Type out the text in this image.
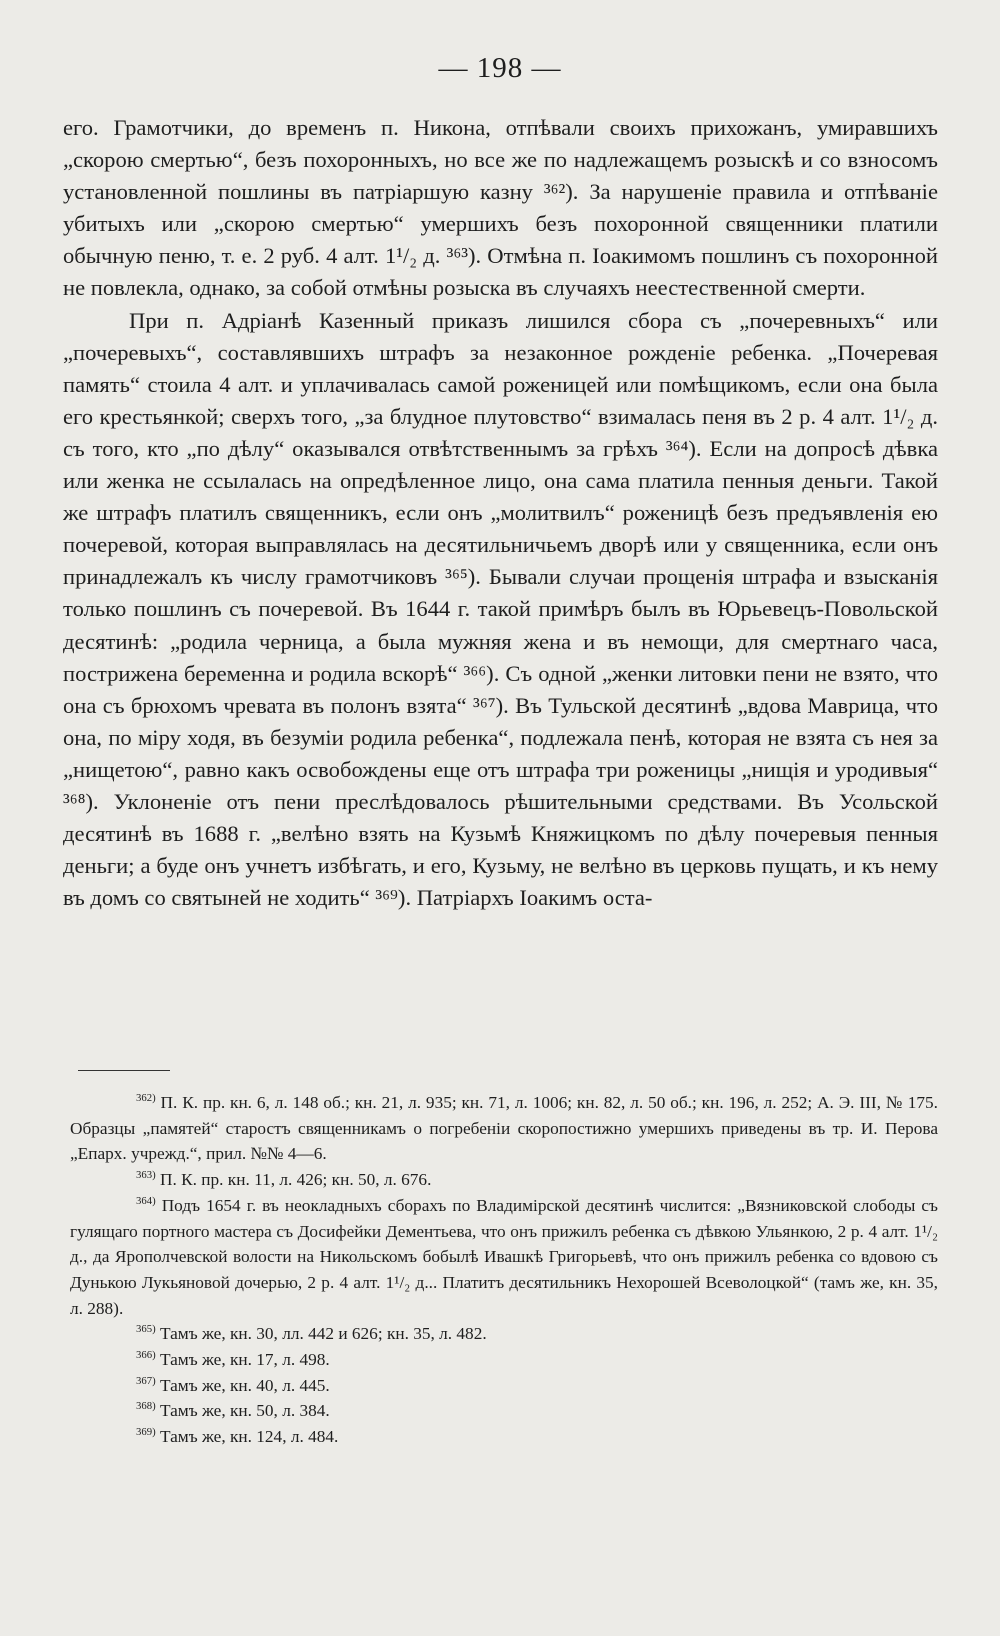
— 198 —

его. Грамотчики, до временъ п. Никона, отпѣвали своихъ прихожанъ, умиравшихъ „скорою смертью“, безъ похоронныхъ, но все же по надлежащемъ розыскѣ и со взносомъ установленной пошлины въ патріаршую казну ³⁶²). За нарушеніе правила и отпѣваніе убитыхъ или „скорою смертью“ умершихъ безъ похоронной священники платили обычную пеню, т. е. 2 руб. 4 алт. 1¹/₂ д. ³⁶³). Отмѣна п. Іоакимомъ пошлинъ съ похоронной не повлекла, однако, за собой отмѣны розыска въ случаяхъ неестественной смерти.

При п. Адріанѣ Казенный приказъ лишился сбора съ „почеревныхъ“ или „почеревыхъ“, составлявшихъ штрафъ за незаконное рожденіе ребенка. „Почеревая память“ стоила 4 алт. и уплачивалась самой роженицей или помѣщикомъ, если она была его крестьянкой; сверхъ того, „за блудное плутовство“ взималась пеня въ 2 р. 4 алт. 1¹/₂ д. съ того, кто „по дѣлу“ оказывался отвѣтственнымъ за грѣхъ ³⁶⁴). Если на допросѣ дѣвка или женка не ссылалась на опредѣленное лицо, она сама платила пенныя деньги. Такой же штрафъ платилъ священникъ, если онъ „молитвилъ“ роженицѣ безъ предъявленія ею почеревой, которая выправлялась на десятильничьемъ дворѣ или у священника, если онъ принадлежалъ къ числу грамотчиковъ ³⁶⁵). Бывали случаи прощенія штрафа и взысканія только пошлинъ съ почеревой. Въ 1644 г. такой примѣръ былъ въ Юрьевецъ-Повольской десятинѣ: „родила черница, а была мужняя жена и въ немощи, для смертнаго часа, пострижена беременна и родила вскорѣ“ ³⁶⁶). Съ одной „женки литовки пени не взято, что она съ брюхомъ чревата въ полонъ взята“ ³⁶⁷). Въ Тульской десятинѣ „вдова Маврица, что она, по міру ходя, въ безуміи родила ребенка“, подлежала пенѣ, которая не взята съ нея за „нищетою“, равно какъ освобождены еще отъ штрафа три роженицы „нищія и уродивыя“ ³⁶⁸). Уклоненіе отъ пени преслѣдовалось рѣшительными средствами. Въ Усольской десятинѣ въ 1688 г. „велѣно взять на Кузьмѣ Княжицкомъ по дѣлу почеревыя пенныя деньги; а буде онъ учнетъ избѣгать, и его, Кузьму, не велѣно въ церковь пущать, и къ нему въ домъ со святыней не ходить“ ³⁶⁹). Патріархъ Іоакимъ оста-

$^{362)}$ П. К. пр. кн. 6, л. 148 об.; кн. 21, л. 935; кн. 71, л. 1006; кн. 82, л. 50 об.; кн. 196, л. 252; А. Э. III, № 175. Образцы „памятей“ старостъ священникамъ о погребеніи скоропостижно умершихъ приведены въ тр. И. Перова „Епарх. учрежд.“, прил. №№ 4—6.

$^{363)}$ П. К. пр. кн. 11, л. 426; кн. 50, л. 676.

$^{364)}$ Подъ 1654 г. въ неокладныхъ сборахъ по Владимірской десятинѣ числится: „Вязниковской слободы съ гулящаго портного мастера съ Досифейки Дементьева, что онъ прижилъ ребенка съ дѣвкою Ульянкою, 2 р. 4 алт. 1¹/₂ д., да Ярополчевской волости на Никольскомъ бобылѣ Ивашкѣ Григорьевѣ, что онъ прижилъ ребенка со вдовою съ Дунькою Лукьяновой дочерью, 2 р. 4 алт. 1¹/₂ д... Платитъ десятильникъ Нехорошей Всеволоцкой“ (тамъ же, кн. 35, л. 288).

$^{365)}$ Тамъ же, кн. 30, лл. 442 и 626; кн. 35, л. 482.

$^{366)}$ Тамъ же, кн. 17, л. 498.

$^{367)}$ Тамъ же, кн. 40, л. 445.

$^{368)}$ Тамъ же, кн. 50, л. 384.

$^{369)}$ Тамъ же, кн. 124, л. 484.
